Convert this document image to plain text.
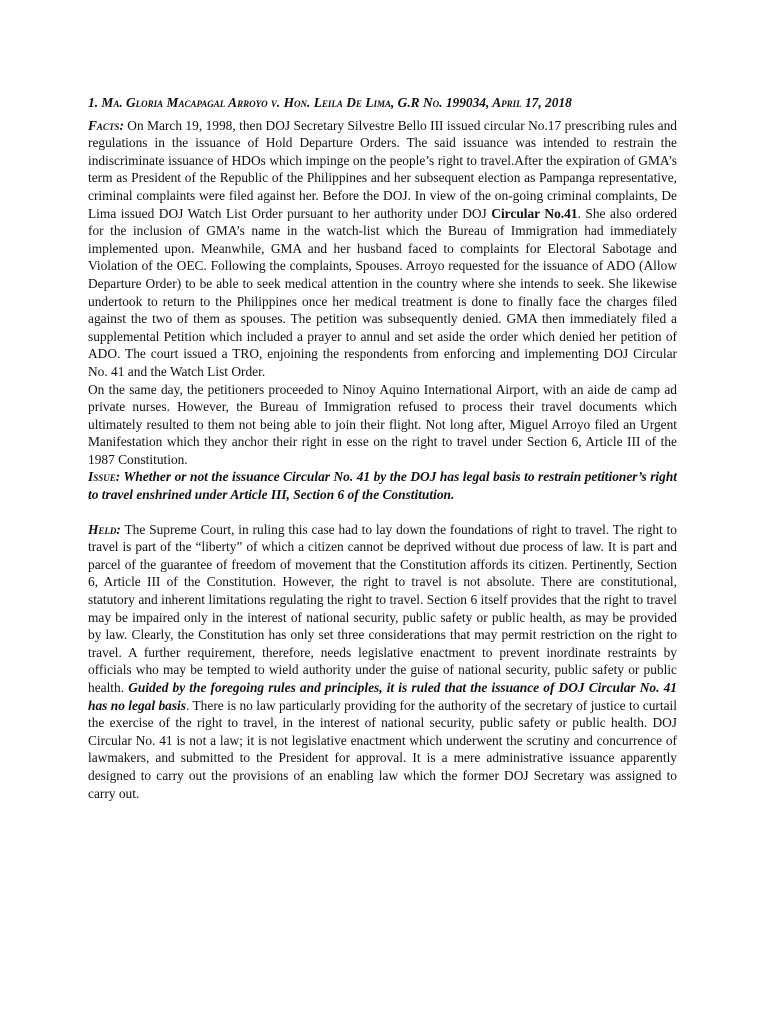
1. Ma. Gloria Macapagal Arroyo v. Hon. Leila De Lima, G.R No. 199034, April 17, 2018

Facts: On March 19, 1998, then DOJ Secretary Silvestre Bello III issued circular No.17 prescribing rules and regulations in the issuance of Hold Departure Orders. The said issuance was intended to restrain the indiscriminate issuance of HDOs which impinge on the people’s right to travel.After the expiration of GMA’s term as President of the Republic of the Philippines and her subsequent election as Pampanga representative, criminal complaints were filed against her. Before the DOJ. In view of the on-going criminal complaints, De Lima issued DOJ Watch List Order pursuant to her authority under DOJ Circular No.41. She also ordered for the inclusion of GMA’s name in the watch-list which the Bureau of Immigration had immediately implemented upon. Meanwhile, GMA and her husband faced to complaints for Electoral Sabotage and Violation of the OEC. Following the complaints, Spouses. Arroyo requested for the issuance of ADO (Allow Departure Order) to be able to seek medical attention in the country where she intends to seek. She likewise undertook to return to the Philippines once her medical treatment is done to finally face the charges filed against the two of them as spouses. The petition was subsequently denied. GMA then immediately filed a supplemental Petition which included a prayer to annul and set aside the order which denied her petition of ADO. The court issued a TRO, enjoining the respondents from enforcing and implementing DOJ Circular No. 41 and the Watch List Order.

On the same day, the petitioners proceeded to Ninoy Aquino International Airport, with an aide de camp ad private nurses. However, the Bureau of Immigration refused to process their travel documents which ultimately resulted to them not being able to join their flight. Not long after, Miguel Arroyo filed an Urgent Manifestation which they anchor their right in esse on the right to travel under Section 6, Article III of the 1987 Constitution.

Issue: Whether or not the issuance Circular No. 41 by the DOJ has legal basis to restrain petitioner’s right to travel enshrined under Article III, Section 6 of the Constitution.

Held: The Supreme Court, in ruling this case had to lay down the foundations of right to travel. The right to travel is part of the “liberty” of which a citizen cannot be deprived without due process of law. It is part and parcel of the guarantee of freedom of movement that the Constitution affords its citizen. Pertinently, Section 6, Article III of the Constitution. However, the right to travel is not absolute. There are constitutional, statutory and inherent limitations regulating the right to travel. Section 6 itself provides that the right to travel may be impaired only in the interest of national security, public safety or public health, as may be provided by law. Clearly, the Constitution has only set three considerations that may permit restriction on the right to travel. A further requirement, therefore, needs legislative enactment to prevent inordinate restraints by officials who may be tempted to wield authority under the guise of national security, public safety or public health. Guided by the foregoing rules and principles, it is ruled that the issuance of DOJ Circular No. 41 has no legal basis. There is no law particularly providing for the authority of the secretary of justice to curtail the exercise of the right to travel, in the interest of national security, public safety or public health. DOJ Circular No. 41 is not a law; it is not legislative enactment which underwent the scrutiny and concurrence of lawmakers, and submitted to the President for approval. It is a mere administrative issuance apparently designed to carry out the provisions of an enabling law which the former DOJ Secretary was assigned to carry out.
